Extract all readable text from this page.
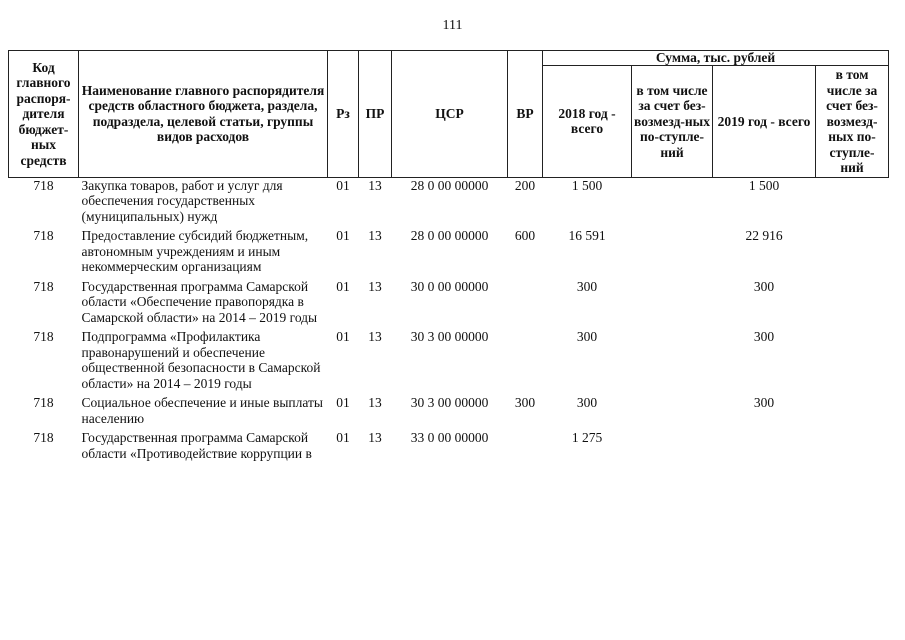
111
Код главного распоря-дителя бюджет-ных средств	Наименование главного распорядителя средств областного бюджета, раздела, подраздела, целевой статьи, группы видов расходов	Рз	ПР	ЦСР	ВР	Сумма, тыс. рублей			
						2018 год - всего	в том числе за счет без-возмезд-ных по-ступле-ний	2019 год - всего	в том числе за счет без-возмезд-ных по-ступле-ний
718	Закупка товаров, работ и услуг для обеспечения государственных (муниципальных) нужд	01	13	28 0 00 00000	200	1 500		1 500	
718	Предоставление субсидий бюджетным, автономным учреждениям и иным некоммерческим организациям	01	13	28 0 00 00000	600	16 591		22 916	
718	Государственная программа Самарской области «Обеспечение правопорядка в Самарской области» на 2014 – 2019 годы	01	13	30 0 00 00000		300		300	
718	Подпрограмма «Профилактика правонарушений и обеспечение общественной безопасности в Самарской области» на 2014 – 2019 годы	01	13	30 3 00 00000		300		300	
718	Социальное обеспечение и иные выплаты населению	01	13	30 3 00 00000	300	300		300	
718	Государственная программа Самарской области «Противодействие коррупции в	01	13	33 0 00 00000		1 275			
